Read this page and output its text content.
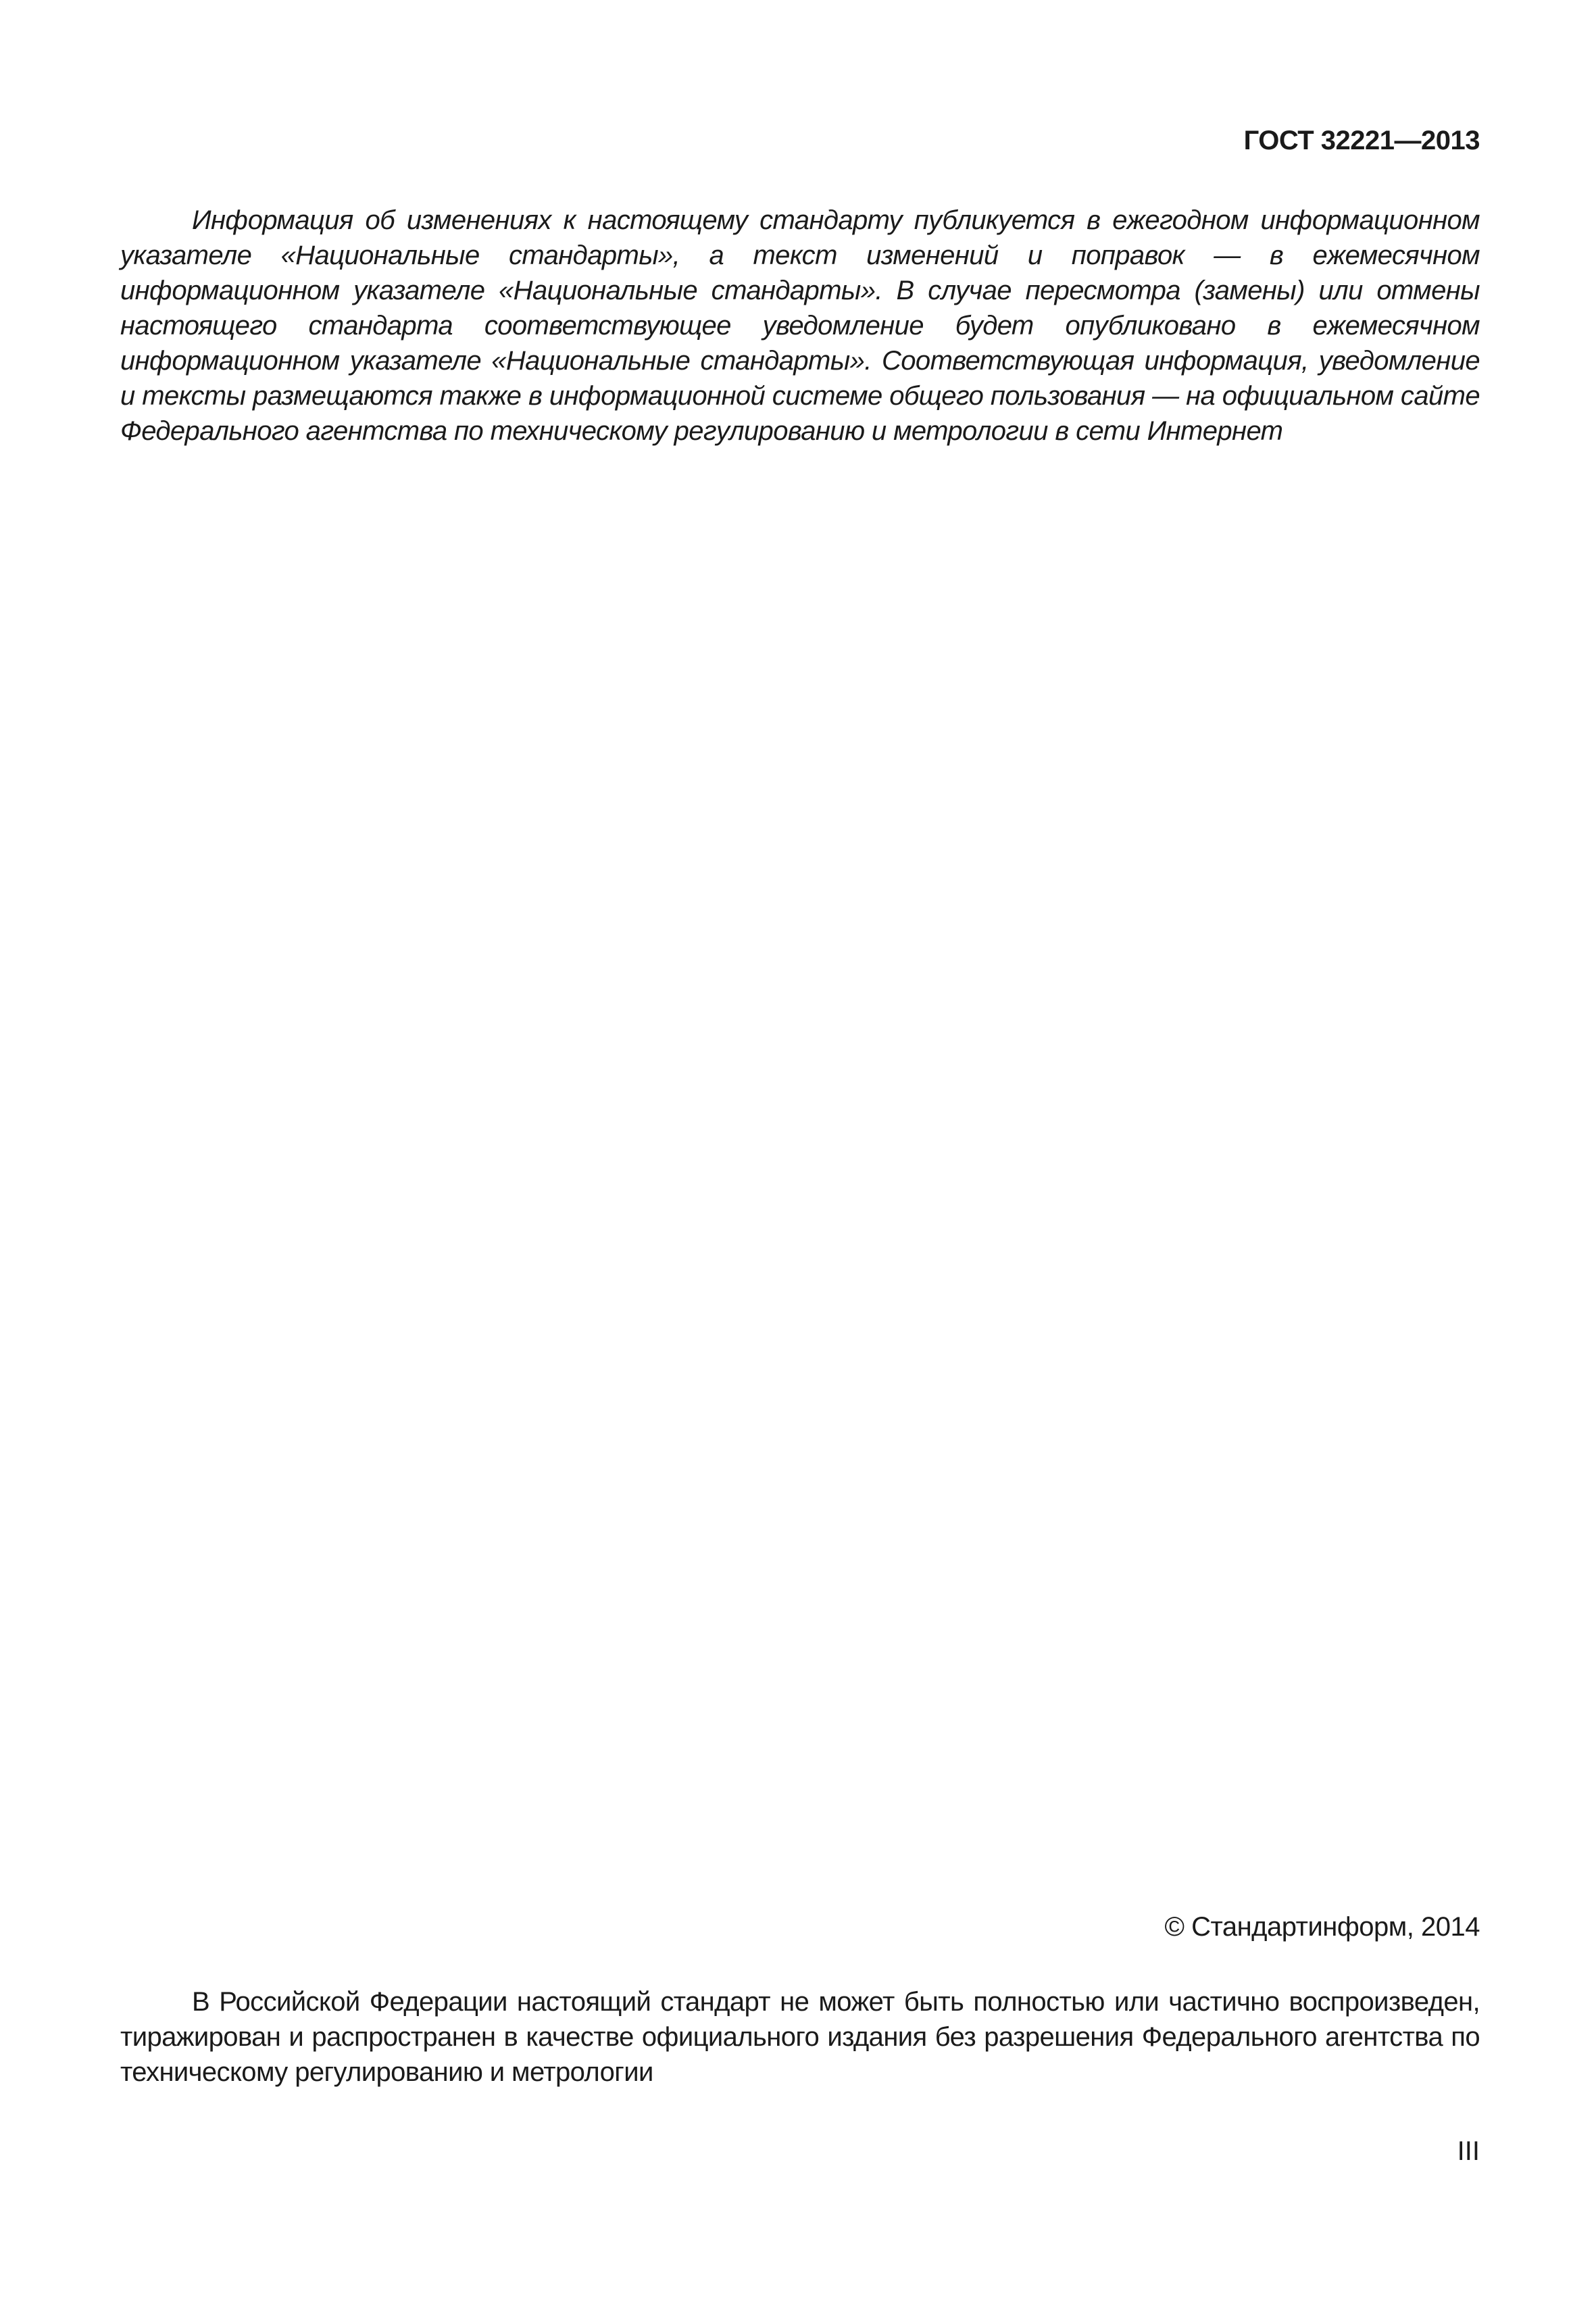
ГОСТ 32221—2013

Информация об изменениях к настоящему стандарту публикуется в ежегодном информационном указателе «Национальные стандарты», а текст изменений и поправок — в ежемесячном информационном указателе «Национальные стандарты». В случае пересмотра (замены) или отмены настоящего стандарта соответствующее уведомление будет опубликовано в ежемесячном информационном указателе «Национальные стандарты». Соответствующая информация, уведомление и тексты размещаются также в информационной системе общего пользования — на официальном сайте Федерального агентства по техническому регулированию и метрологии в сети Интернет

© Стандартинформ, 2014

В Российской Федерации настоящий стандарт не может быть полностью или частично воспроизведен, тиражирован и распространен в качестве официального издания без разрешения Федерального агентства по техническому регулированию и метрологии

III
